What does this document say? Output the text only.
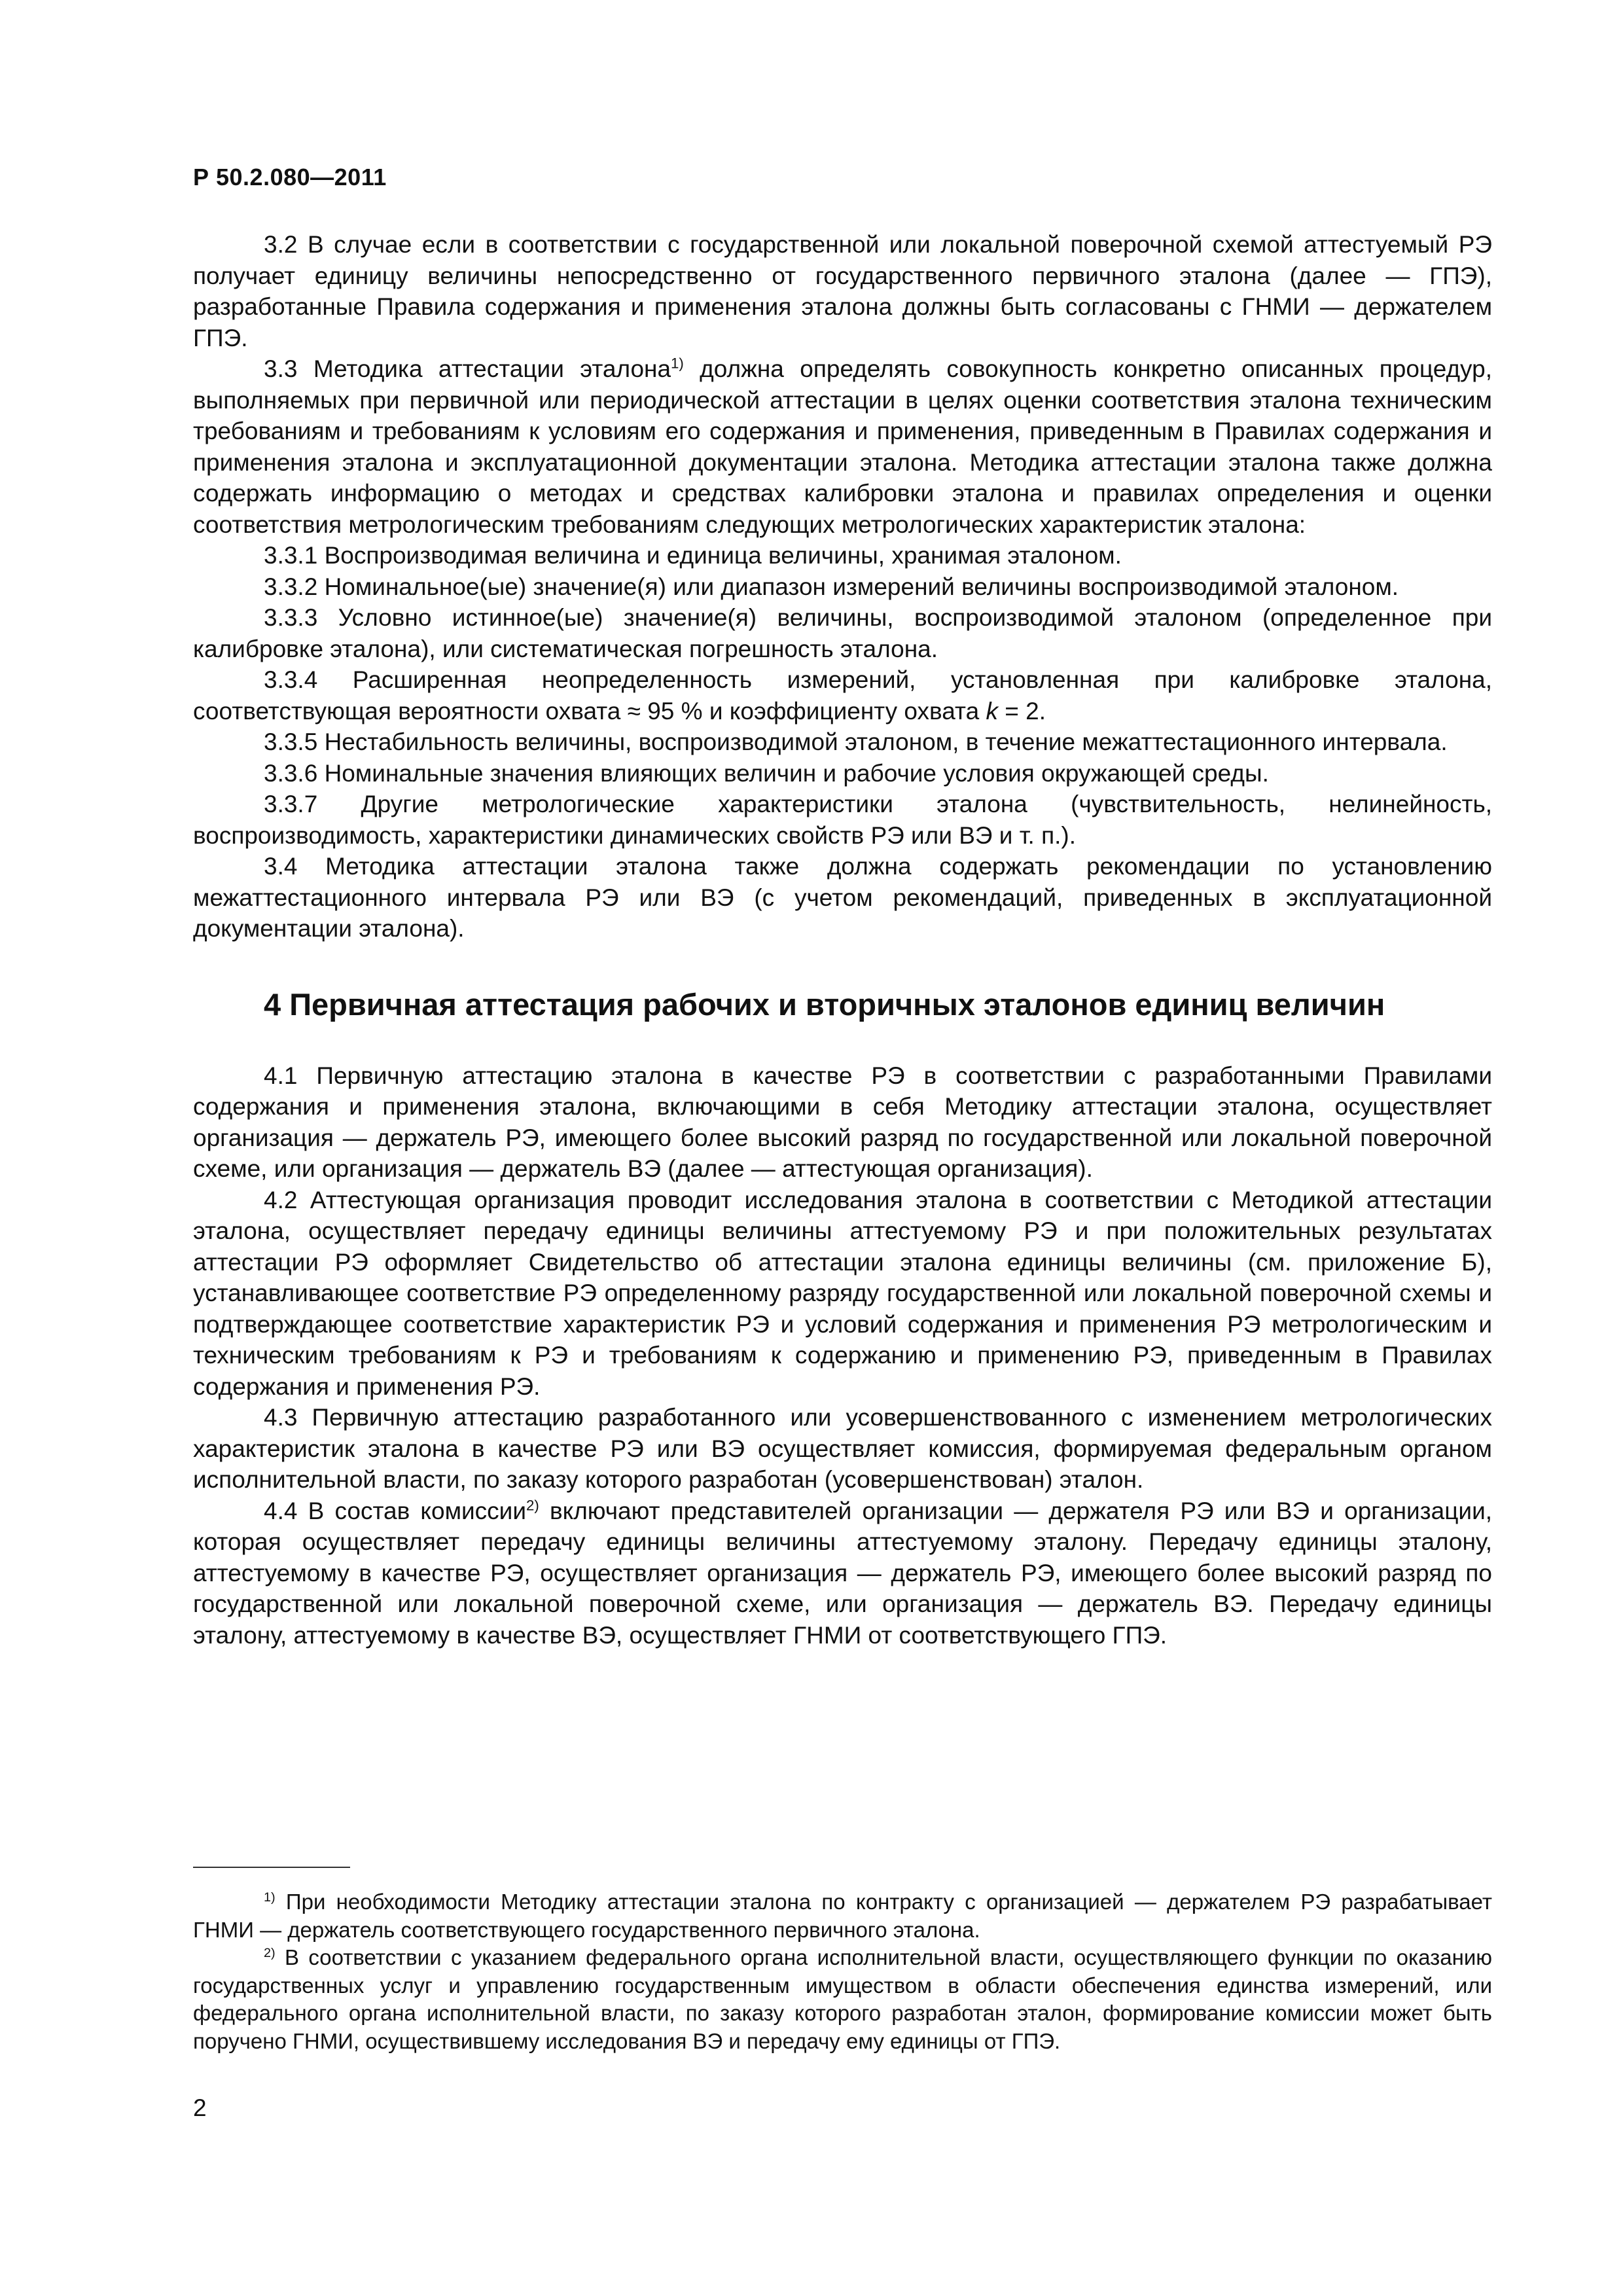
Р 50.2.080—2011

3.2 В случае если в соответствии с государственной или локальной поверочной схемой аттестуемый РЭ получает единицу величины непосредственно от государственного первичного эталона (далее — ГПЭ), разработанные Правила содержания и применения эталона должны быть согласованы с ГНМИ — держателем ГПЭ.

3.3 Методика аттестации эталона$^{1)}$ должна определять совокупность конкретно описанных процедур, выполняемых при первичной или периодической аттестации в целях оценки соответствия эталона техническим требованиям и требованиям к условиям его содержания и применения, приведенным в Правилах содержания и применения эталона и эксплуатационной документации эталона. Методика аттестации эталона также должна содержать информацию о методах и средствах калибровки эталона и правилах определения и оценки соответствия метрологическим требованиям следующих метрологических характеристик эталона:

3.3.1 Воспроизводимая величина и единица величины, хранимая эталоном.

3.3.2 Номинальное(ые) значение(я) или диапазон измерений величины воспроизводимой эталоном.

3.3.3 Условно истинное(ые) значение(я) величины, воспроизводимой эталоном (определенное при калибровке эталона), или систематическая погрешность эталона.

3.3.4 Расширенная неопределенность измерений, установленная при калибровке эталона, соответствующая вероятности охвата ≈ 95 % и коэффициенту охвата k = 2.

3.3.5 Нестабильность величины, воспроизводимой эталоном, в течение межаттестационного интервала.

3.3.6 Номинальные значения влияющих величин и рабочие условия окружающей среды.

3.3.7 Другие метрологические характеристики эталона (чувствительность, нелинейность, воспроизводимость, характеристики динамических свойств РЭ или ВЭ и т. п.).

3.4 Методика аттестации эталона также должна содержать рекомендации по установлению межаттестационного интервала РЭ или ВЭ (с учетом рекомендаций, приведенных в эксплуатационной документации эталона).

4 Первичная аттестация рабочих и вторичных эталонов единиц величин

4.1 Первичную аттестацию эталона в качестве РЭ в соответствии с разработанными Правилами содержания и применения эталона, включающими в себя Методику аттестации эталона, осуществляет организация — держатель РЭ, имеющего более высокий разряд по государственной или локальной поверочной схеме, или организация — держатель ВЭ (далее — аттестующая организация).

4.2 Аттестующая организация проводит исследования эталона в соответствии с Методикой аттестации эталона, осуществляет передачу единицы величины аттестуемому РЭ и при положительных результатах аттестации РЭ оформляет Свидетельство об аттестации эталона единицы величины (см. приложение Б), устанавливающее соответствие РЭ определенному разряду государственной или локальной поверочной схемы и подтверждающее соответствие характеристик РЭ и условий содержания и применения РЭ метрологическим и техническим требованиям к РЭ и требованиям к содержанию и применению РЭ, приведенным в Правилах содержания и применения РЭ.

4.3 Первичную аттестацию разработанного или усовершенствованного с изменением метрологических характеристик эталона в качестве РЭ или ВЭ осуществляет комиссия, формируемая федеральным органом исполнительной власти, по заказу которого разработан (усовершенствован) эталон.

4.4 В состав комиссии$^{2)}$ включают представителей организации — держателя РЭ или ВЭ и организации, которая осуществляет передачу единицы величины аттестуемому эталону. Передачу единицы эталону, аттестуемому в качестве РЭ, осуществляет организация — держатель РЭ, имеющего более высокий разряд по государственной или локальной поверочной схеме, или организация — держатель ВЭ. Передачу единицы эталону, аттестуемому в качестве ВЭ, осуществляет ГНМИ от соответствующего ГПЭ.

$^{1)}$ При необходимости Методику аттестации эталона по контракту с организацией — держателем РЭ разрабатывает ГНМИ — держатель соответствующего государственного первичного эталона.

$^{2)}$ В соответствии с указанием федерального органа исполнительной власти, осуществляющего функции по оказанию государственных услуг и управлению государственным имуществом в области обеспечения единства измерений, или федерального органа исполнительной власти, по заказу которого разработан эталон, формирование комиссии может быть поручено ГНМИ, осуществившему исследования ВЭ и передачу ему единицы от ГПЭ.

2
